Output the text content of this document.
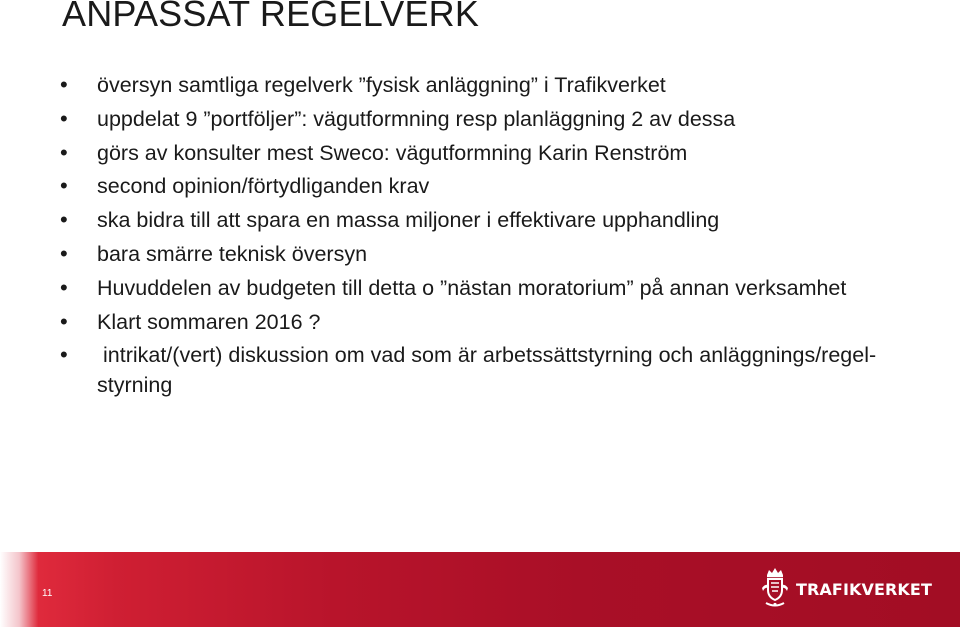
ANPASSAT REGELVERK
• översyn samtliga regelverk ”fysisk anläggning” i Trafikverket
• uppdelat 9 ”portföljer”: vägutformning resp planläggning 2 av dessa
• görs av konsulter mest Sweco: vägutformning Karin Renström
• second opinion/förtydliganden krav
• ska bidra till att spara en massa miljoner i effektivare upphandling
• bara smärre teknisk översyn
• Huvuddelen av budgeten till detta o ”nästan moratorium” på annan verksamhet
• Klart sommaren 2016 ?
• intrikat/(vert) diskussion om vad som är arbetssättstyrning och anläggnings/regel-styrning
11	TRAFIKVERKET
